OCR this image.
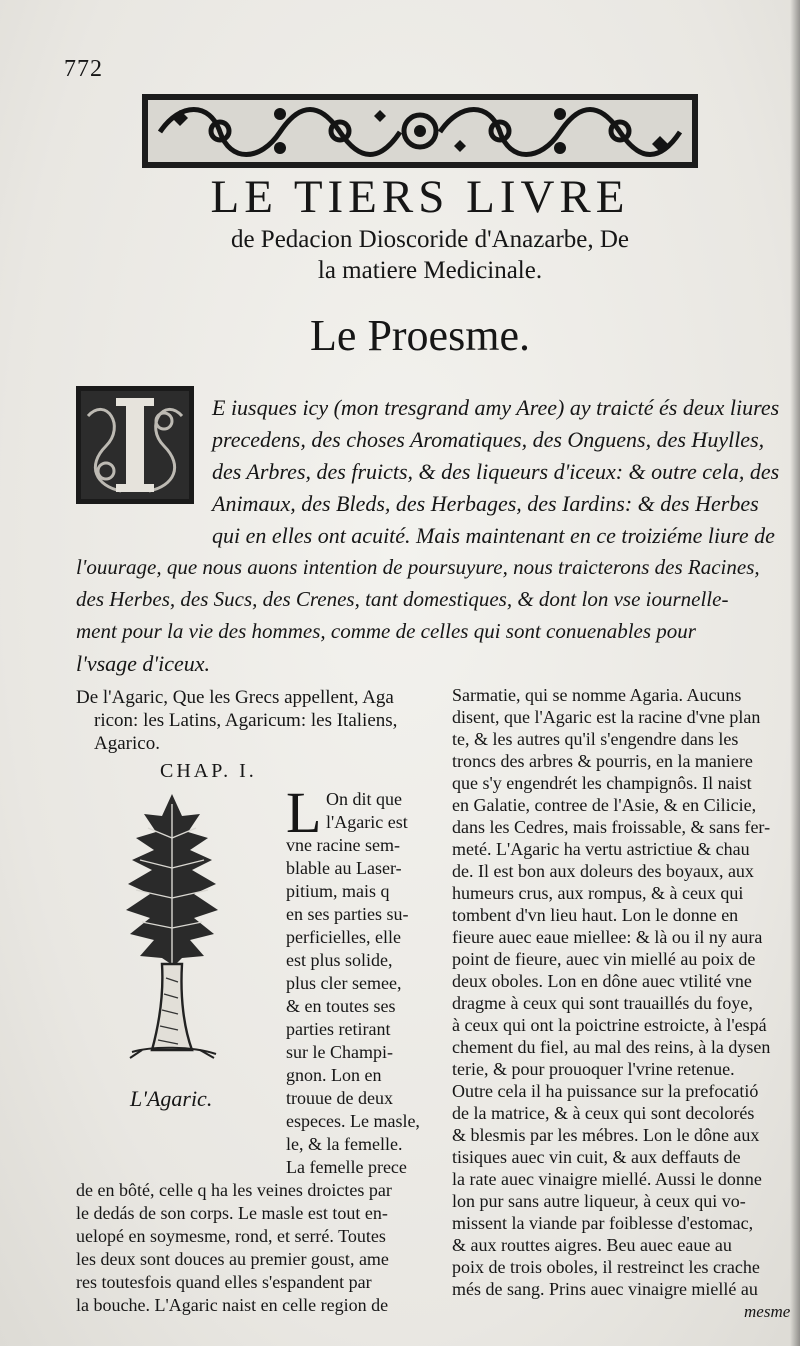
772
LE TIERS LIVRE
de Pedacion Dioscoride d'Anazarbe, De
la matiere Medicinale.
Le Proesme.
E iusques icy (mon tresgrand amy Aree) ay traicté és deux liures
precedens, des choses Aromatiques, des Onguens, des Huylles,
des Arbres, des fruicts, & des liqueurs d'iceux: & outre cela, des
Animaux, des Bleds, des Herbages, des Iardins: & des Herbes
qui en elles ont acuité. Mais maintenant en ce troiziéme liure de
l'ouurage, que nous auons intention de poursuyure, nous traicterons des Racines,
des Herbes, des Sucs, des Crenes, tant domestiques, & dont lon vse iournelle-
ment pour la vie des hommes, comme de celles qui sont conuenables pour
l'vsage d'iceux.
De l'Agaric, Que les Grecs appellent, Aga
ricon: les Latins, Agaricum: les Italiens,
Agarico.
CHAP. I.
L'Agaric.
L On dit que
l'Agaric est
vne racine sem-
blable au Laser-
pitium, mais q
en ses parties su-
perficielles, elle
est plus solide,
plus cler semee,
& en toutes ses
parties retirant
sur le Champi-
gnon. Lon en
trouue de deux
especes. Le masle,
le, & la femelle.
La femelle prece
de en bôté, celle q ha les veines droictes par
le dedás de son corps. Le masle est tout en-
uelopé en soymesme, rond, et serré. Toutes
les deux sont douces au premier goust, ame
res toutesfois quand elles s'espandent par
la bouche. L'Agaric naist en celle region de
Sarmatie, qui se nomme Agaria. Aucuns
disent, que l'Agaric est la racine d'vne plan
te, & les autres qu'il s'engendre dans les
troncs des arbres & pourris, en la maniere
que s'y engendrét les champignôs. Il naist
en Galatie, contree de l'Asie, & en Cilicie,
dans les Cedres, mais froissable, & sans fer-
meté. L'Agaric ha vertu astrictiue & chau
de. Il est bon aux doleurs des boyaux, aux
humeurs crus, aux rompus, & à ceux qui
tombent d'vn lieu haut. Lon le donne en
fieure auec eaue miellee: & là ou il ny aura
point de fieure, auec vin miellé au poix de
deux oboles. Lon en dône auec vtilité vne
dragme à ceux qui sont trauaillés du foye,
à ceux qui ont la poictrine estroicte, à l'espá
chement du fiel, au mal des reins, à la dysen
terie, & pour prouoquer l'vrine retenue.
Outre cela il ha puissance sur la prefocatió
de la matrice, & à ceux qui sont decolorés
& blesmis par les mébres. Lon le dône aux
tisiques auec vin cuit, & aux deffauts de
la rate auec vinaigre miellé. Aussi le donne
lon pur sans autre liqueur, à ceux qui vo-
missent la viande par foiblesse d'estomac,
& aux routtes aigres. Beu auec eaue au
poix de trois oboles, il restreinct les crache
més de sang. Prins auec vinaigre miellé au
mesme
